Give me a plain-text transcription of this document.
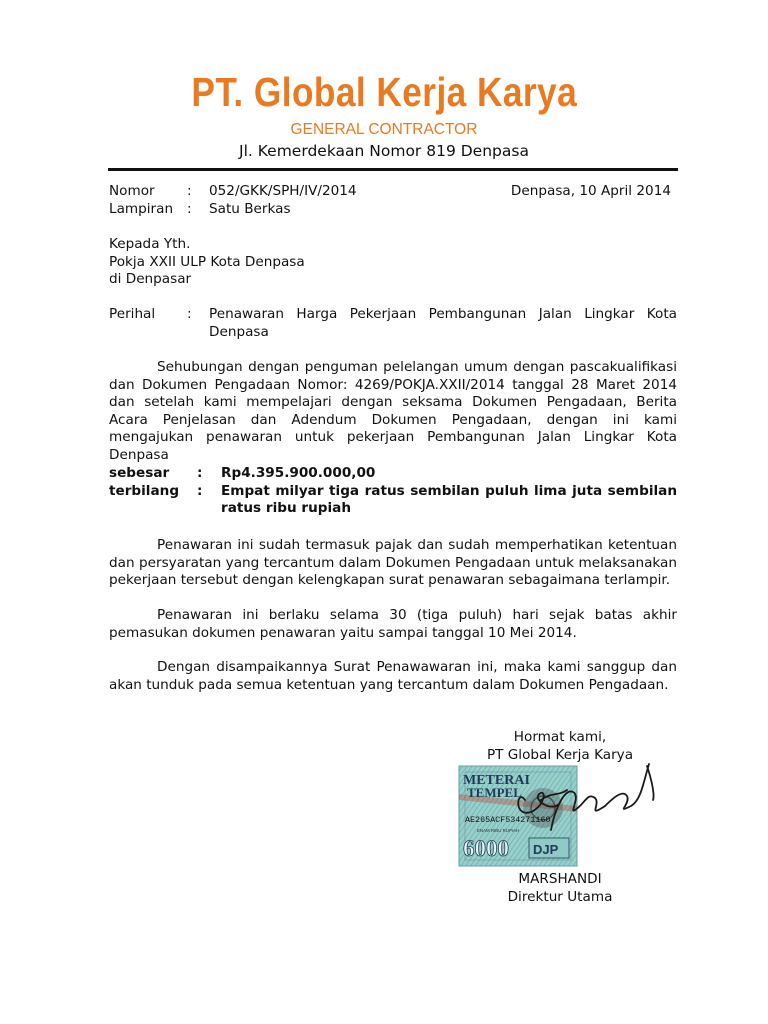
PT. Global Kerja Karya
GENERAL CONTRACTOR
Jl. Kemerdekaan Nomor 819 Denpasa
Nomor	:	052/GKK/SPH/IV/2014
Lampiran	:	Satu Berkas
Denpasa, 10 April 2014
Kepada Yth.
Pokja XXII ULP Kota Denpasa
di Denpasar
Perihal	:	Penawaran Harga Pekerjaan Pembangunan Jalan Lingkar Kota Denpasa
Sehubungan dengan penguman pelelangan umum dengan pascakualifikasi dan Dokumen Pengadaan Nomor: 4269/POKJA.XXII/2014 tanggal 28 Maret 2014 dan setelah kami mempelajari dengan seksama Dokumen Pengadaan, Berita Acara Penjelasan dan Adendum Dokumen Pengadaan, dengan ini kami mengajukan penawaran untuk pekerjaan Pembangunan Jalan Lingkar Kota Denpasa
sebesar	:	Rp4.395.900.000,00
terbilang	:	Empat milyar tiga ratus sembilan puluh lima juta sembilan ratus ribu rupiah
Penawaran ini sudah termasuk pajak dan sudah memperhatikan ketentuan dan persyaratan yang tercantum dalam Dokumen Pengadaan untuk melaksanakan pekerjaan tersebut dengan kelengkapan surat penawaran sebagaimana terlampir.
Penawaran ini berlaku selama 30 (tiga puluh) hari sejak batas akhir pemasukan dokumen penawaran yaitu sampai tanggal 10 Mei 2014.
Dengan disampaikannya Surat Penawawaran ini, maka kami sanggup dan akan tunduk pada semua ketentuan yang tercantum dalam Dokumen Pengadaan.
Hormat kami,
PT Global Kerja Karya
MARSHANDI
Direktur Utama
METERAI
TEMPEL
AE265ACF534271160
ENAM RIBU RUPIAH
6000 DJP
